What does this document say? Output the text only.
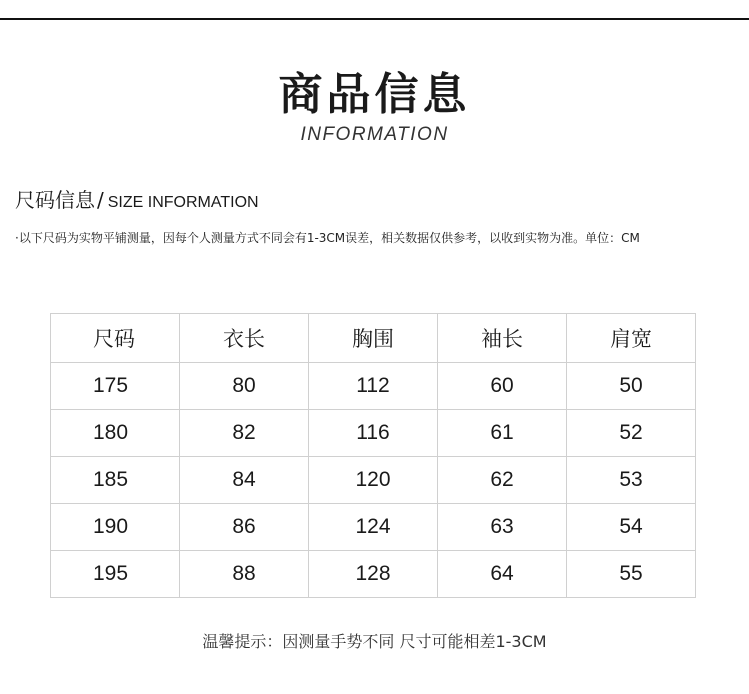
商品信息
INFORMATION
尺码信息 / SIZE INFORMATION
·以下尺码为实物平铺测量，因每个人测量方式不同会有1-3CM误差，相关数据仅供参考，以收到实物为准。单位：CM
尺码	衣长	胸围	袖长	肩宽
175	80	112	60	50
180	82	116	61	52
185	84	120	62	53
190	86	124	63	54
195	88	128	64	55
温馨提示：因测量手势不同 尺寸可能相差1-3CM
